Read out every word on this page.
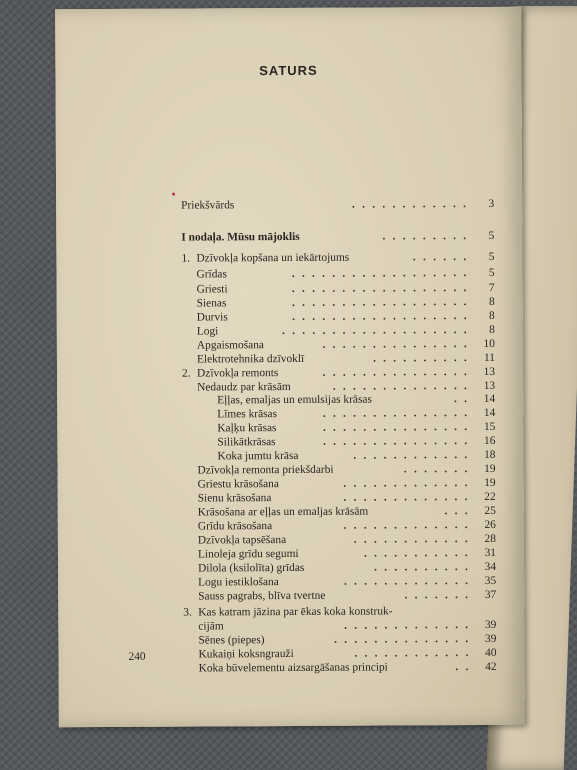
SATURS
Priekšvārds	. . . . . . . . . . . .	3
I nodaļa. Mūsu mājoklis	. . . . . . . . .	5
1. Dzīvokļa kopšana un iekārtojums	. . . . . .	5
Grīdas	. . . . . . . . . . . . . . . . . .	5
Griesti	. . . . . . . . . . . . . . . . . .	7
Sienas	. . . . . . . . . . . . . . . . . .	8
Durvis	. . . . . . . . . . . . . . . . . .	8
Logi	. . . . . . . . . . . . . . . . . . .	8
Apgaismošana	. . . . . . . . . . . . . . .	10
Elektrotehnika dzīvoklī	. . . . . . . . . .	11
2. Dzīvokļa remonts	. . . . . . . . . . . . . . .	13
Nedaudz par krāsām	. . . . . . . . . . . . . .	13
Eļļas, emaljas un emulsijas krāsas	. .	14
Līmes krāsas	. . . . . . . . . . . . . . .	14
Kaļķu krāsas	. . . . . . . . . . . . . . .	15
Silikātkrāsas	. . . . . . . . . . . . . . .	16
Koka jumtu krāsa	. . . . . . . . . . . .	18
Dzīvokļa remonta priekšdarbi	. . . . . . .	19
Griestu krāsošana	. . . . . . . . . . . . .	19
Sienu krāsošana	. . . . . . . . . . . . .	22
Krāsošana ar eļļas un emaljas krāsām	. . .	25
Grīdu krāsošana	. . . . . . . . . . . . .	26
Dzīvokļa tapsēšana	. . . . . . . . . . . .	28
Linoleja grīdu segumi	. . . . . . . . . . .	31
Dilola (ksilolīta) grīdas	. . . . . . . . . .	34
Logu iestiklošana	. . . . . . . . . . . . .	35
Sauss pagrabs, blīva tvertne	. . . . . . .	37
3. Kas katram jāzina par ēkas koka konstruk-
cijām	. . . . . . . . . . . . .	39
Sēnes (piepes)	. . . . . . . . . . . . . .	39
Kukaiņi koksngrauži	. . . . . . . . . . . .	40
Koka būvelementu aizsargāšanas principi	. .	42
240
